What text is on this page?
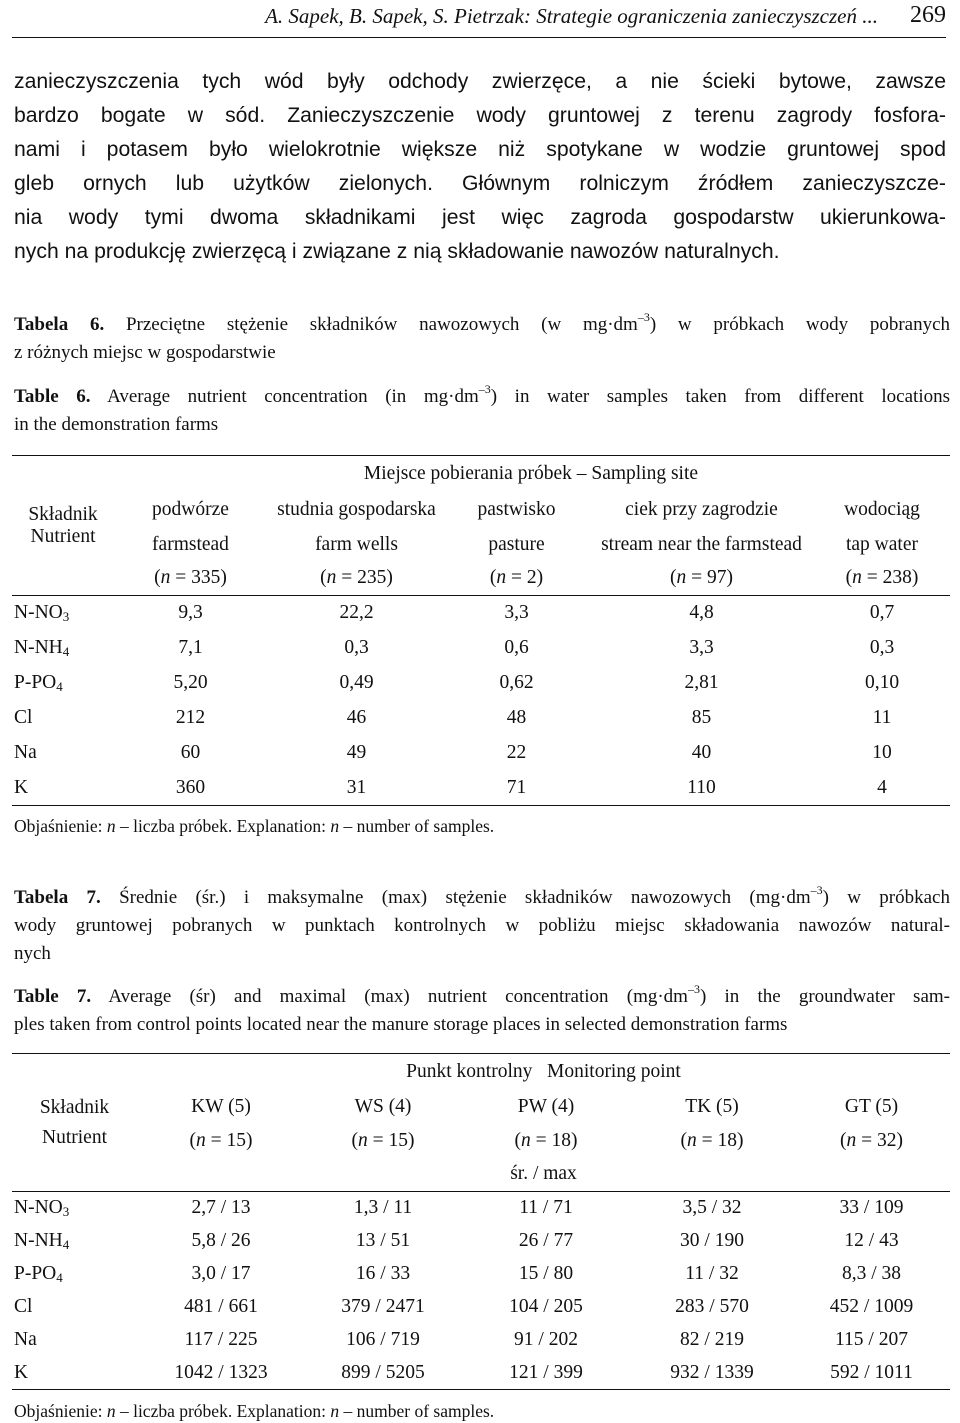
A. Sapek, B. Sapek, S. Pietrzak: Strategie ograniczenia zanieczyszczeń ... 269
zanieczyszczenia tych wód były odchody zwierzęce, a nie ścieki bytowe, zawsze
bardzo bogate w sód. Zanieczyszczenie wody gruntowej z terenu zagrody fosfora-
nami i potasem było wielokrotnie większe niż spotykane w wodzie gruntowej spod
gleb ornych lub użytków zielonych. Głównym rolniczym źródłem zanieczyszcze-
nia wody tymi dwoma składnikami jest więc zagroda gospodarstw ukierunkowa-
nych na produkcję zwierzęcą i związane z nią składowanie nawozów naturalnych.
Tabela 6. Przeciętne stężenie składników nawozowych (w $mg\cdot dm^{-3}$) w próbkach wody pobranych
z różnych miejsc w gospodarstwie
Table 6. Average nutrient concentration (in $mg\cdot dm^{-3}$) in water samples taken from different locations
in the demonstration farms
Składnik
Nutrient	Miejsce pobierania próbek – Sampling site				
	podwórze	studnia gospodarska	pastwisko	ciek przy zagrodzie	wodociąg
	farmstead	farm wells	pasture	stream near the farmstead	tap water
	(n = 335)	(n = 235)	(n = 2)	(n = 97)	(n = 238)
$N-NO_3$	9,3	22,2	3,3	4,8	0,7
$N-NH_4$	7,1	0,3	0,6	3,3	0,3
$P-PO_4$	5,20	0,49	0,62	2,81	0,10
Cl	212	46	48	85	11
Na	60	49	22	40	10
K	360	31	71	110	4
Objaśnienie: n – liczba próbek. Explanation: n – number of samples.
Tabela 7. Średnie (śr.) i maksymalne (max) stężenie składników nawozowych $(mg\cdot dm^{-3})$ w próbkach
wody gruntowej pobranych w punktach kontrolnych w pobliżu miejsc składowania nawozów natural-
nych
Table 7. Average (śr) and maximal (max) nutrient concentration $(mg\cdot dm^{-3})$ in the groundwater sam-
ples taken from control points located near the manure storage places in selected demonstration farms
Składnik
Nutrient	Punkt kontrolny   Monitoring point				
	KW (5)	WS (4)	PW (4)	TK (5)	GT (5)
	(n = 15)	(n = 15)	(n = 18)	(n = 18)	(n = 32)
	śr. / max				
$N-NO_3$	2,7 / 13	1,3 / 11	11 / 71	3,5 / 32	33 / 109
$N-NH_4$	5,8 / 26	13 / 51	26 / 77	30 / 190	12 / 43
$P-PO_4$	3,0 / 17	16 / 33	15 / 80	11 / 32	8,3 / 38
Cl	481 / 661	379 / 2471	104 / 205	283 / 570	452 / 1009
Na	117 / 225	106 / 719	91 / 202	82 / 219	115 / 207
K	1042 / 1323	899 / 5205	121 / 399	932 / 1339	592 / 1011
Objaśnienie: n – liczba próbek. Explanation: n – number of samples.
